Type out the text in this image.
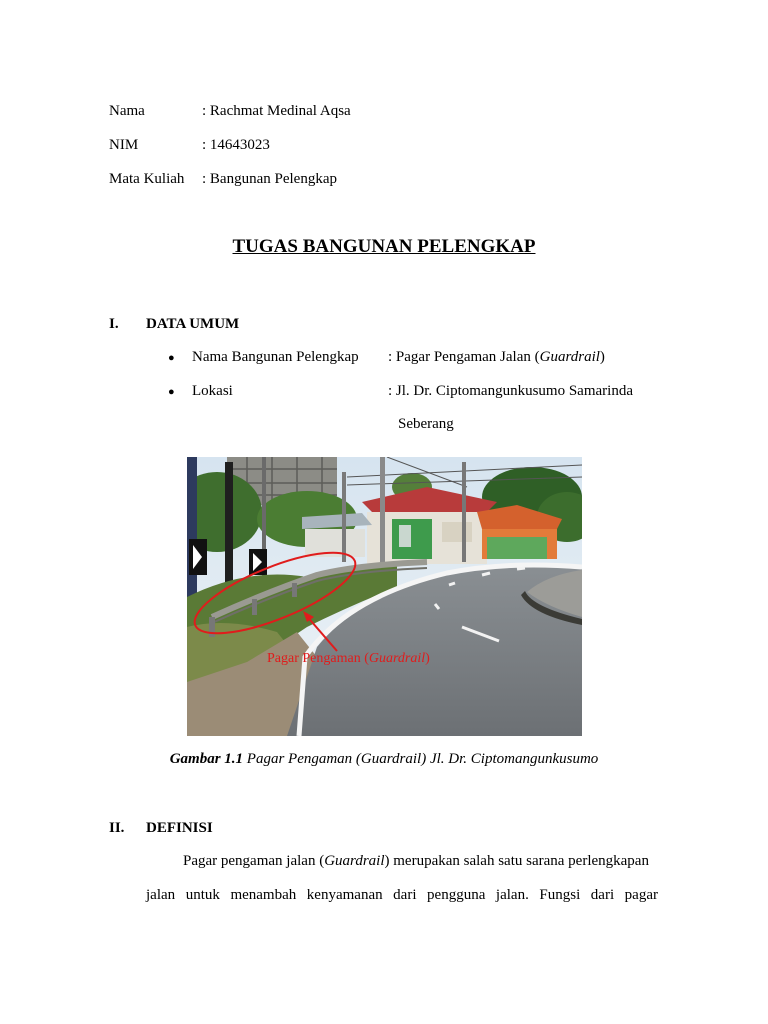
Nama	: Rachmat Medinal Aqsa
NIM	: 14643023
Mata Kuliah : Bangunan Pelengkap
TUGAS BANGUNAN PELENGKAP
I. DATA UMUM
● Nama Bangunan Pelengkap : Pagar Pengaman Jalan (Guardrail)
● Lokasi	: Jl. Dr. Ciptomangunkusumo Samarinda
Seberang
Pagar Pengaman (Guardrail)
Gambar 1.1 Pagar Pengaman (Guardrail) Jl. Dr. Ciptomangunkusumo
II. DEFINISI
Pagar pengaman jalan (Guardrail) merupakan salah satu sarana perlengkapan
jalan untuk menambah kenyamanan dari pengguna jalan. Fungsi dari pagar
